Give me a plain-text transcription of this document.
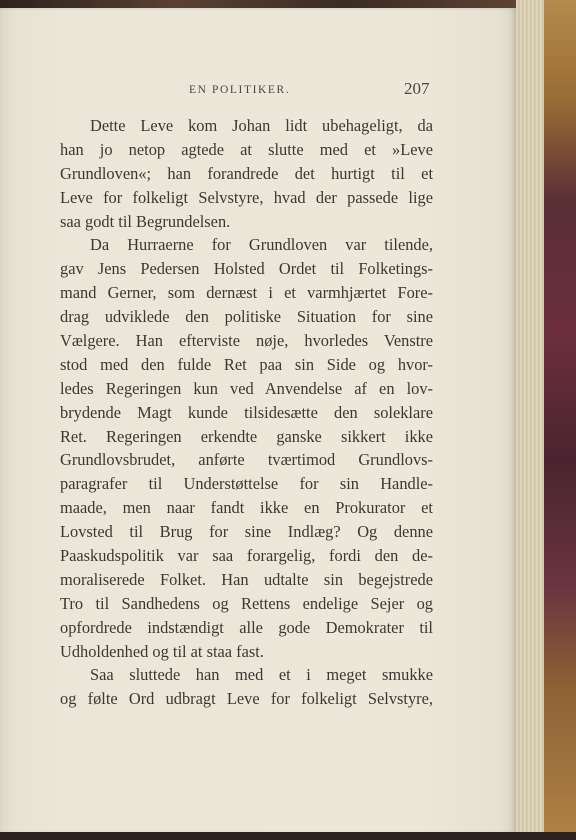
EN POLITIKER.	207
Dette Leve kom Johan lidt ubehageligt, da
han jo netop agtede at slutte med et »Leve
Grundloven«; han forandrede det hurtigt til et
Leve for folkeligt Selvstyre, hvad der passede lige
saa godt til Begrundelsen.
Da Hurraerne for Grundloven var tilende,
gav Jens Pedersen Holsted Ordet til Folketings-
mand Gerner, som dernæst i et varmhjærtet Fore-
drag udviklede den politiske Situation for sine
Vælgere. Han efterviste nøje, hvorledes Venstre
stod med den fulde Ret paa sin Side og hvor-
ledes Regeringen kun ved Anvendelse af en lov-
brydende Magt kunde tilsidesætte den soleklare
Ret. Regeringen erkendte ganske sikkert ikke
Grundlovsbrudet, anførte tværtimod Grundlovs-
paragrafer til Understøttelse for sin Handle-
maade, men naar fandt ikke en Prokurator et
Lovsted til Brug for sine Indlæg? Og denne
Paaskudspolitik var saa forargelig, fordi den de-
moraliserede Folket. Han udtalte sin begejstrede
Tro til Sandhedens og Rettens endelige Sejer og
opfordrede indstændigt alle gode Demokrater til
Udholdenhed og til at staa fast.
Saa sluttede han med et i meget smukke
og følte Ord udbragt Leve for folkeligt Selvstyre,
